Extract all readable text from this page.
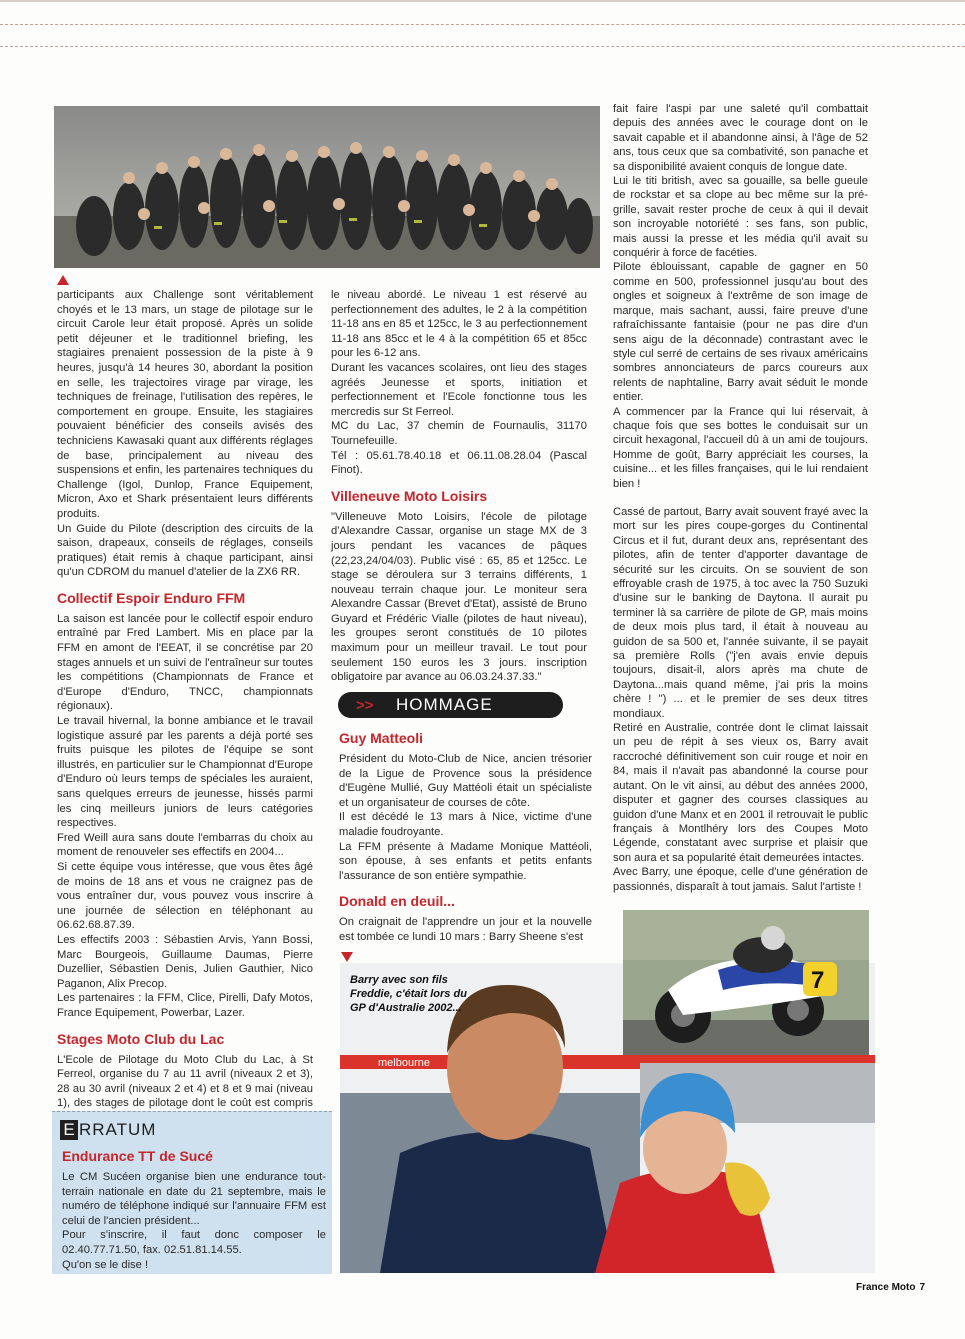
participants aux Challenge sont véritablement choyés et le 13 mars, un stage de pilotage sur le circuit Carole leur était proposé. Après un solide petit déjeuner et le traditionnel briefing, les stagiaires prenaient possession de la piste à 9 heures, jusqu'à 14 heures 30, abordant la position en selle, les trajectoires virage par virage, les techniques de freinage, l'utilisation des repères, le comportement en groupe. Ensuite, les stagiaires pouvaient bénéficier des conseils avisés des techniciens Kawasaki quant aux différents réglages de base, principalement au niveau des suspensions et enfin, les partenaires techniques du Challenge (Igol, Dunlop, France Equipement, Micron, Axo et Shark présentaient leurs différents produits.

Un Guide du Pilote (description des circuits de la saison, drapeaux, conseils de réglages, conseils pratiques) était remis à chaque participant, ainsi qu'un CDROM du manuel d'atelier de la ZX6 RR.

Collectif Espoir Enduro FFM

La saison est lancée pour le collectif espoir enduro entraîné par Fred Lambert. Mis en place par la FFM en amont de l'EEAT, il se concrétise par 20 stages annuels et un suivi de l'entraîneur sur toutes les compétitions (Championnats de France et d'Europe d'Enduro, TNCC, championnats régionaux).

Le travail hivernal, la bonne ambiance et le travail logistique assuré par les parents a déjà porté ses fruits puisque les pilotes de l'équipe se sont illustrés, en particulier sur le Championnat d'Europe d'Enduro où leurs temps de spéciales les auraient, sans quelques erreurs de jeunesse, hissés parmi les cinq meilleurs juniors de leurs catégories respectives.

Fred Weill aura sans doute l'embarras du choix au moment de renouveler ses effectifs en 2004...

Si cette équipe vous intéresse, que vous êtes âgé de moins de 18 ans et vous ne craignez pas de vous entraîner dur, vous pouvez vous inscrire à une journée de sélection en téléphonant au 06.62.68.87.39.

Les effectifs 2003 : Sébastien Arvis, Yann Bossi, Marc Bourgeois, Guillaume Daumas, Pierre Duzellier, Sébastien Denis, Julien Gauthier, Nico Paganon, Alix Precop.

Les partenaires : la FFM, Clice, Pirelli, Dafy Motos, France Equipement, Powerbar, Lazer.

Stages Moto Club du Lac

L'Ecole de Pilotage du Moto Club du Lac, à St Ferreol, organise du 7 au 11 avril (niveaux 2 et 3), 28 au 30 avril (niveaux 2 et 4) et 8 et 9 mai (niveau 1), des stages de pilotage dont le coût est compris

E RRATUM
Endurance TT de Sucé

Le CM Sucéen organise bien une endurance tout-terrain nationale en date du 21 septembre, mais le numéro de téléphone indiqué sur l'annuaire FFM est celui de l'ancien président...

Pour s'inscrire, il faut donc composer le 02.40.77.71.50, fax. 02.51.81.14.55.

Qu'on se le dise !

le niveau abordé. Le niveau 1 est réservé au perfectionnement des adultes, le 2 à la compétition 11-18 ans en 85 et 125cc, le 3 au perfectionnement 11-18 ans 85cc et le 4 à la compétition 65 et 85cc pour les 6-12 ans.

Durant les vacances scolaires, ont lieu des stages agréés Jeunesse et sports, initiation et perfectionnement et l'Ecole fonctionne tous les mercredis sur St Ferreol.

MC du Lac, 37 chemin de Fournaulis, 31170 Tournefeuille.

Tél : 05.61.78.40.18 et 06.11.08.28.04 (Pascal Finot).

Villeneuve Moto Loisirs

"Villeneuve Moto Loisirs, l'école de pilotage d'Alexandre Cassar, organise un stage MX de 3 jours pendant les vacances de pâques (22,23,24/04/03). Public visé : 65, 85 et 125cc. Le stage se déroulera sur 3 terrains différents, 1 nouveau terrain chaque jour. Le moniteur sera Alexandre Cassar (Brevet d'Etat), assisté de Bruno Guyard et Frédéric Vialle (pilotes de haut niveau), les groupes seront constitués de 10 pilotes maximum pour un meilleur travail. Le tout pour seulement 150 euros les 3 jours. inscription obligatoire par avance au 06.03.24.37.33."

>>	HOMMAGE
Guy Matteoli

Président du Moto-Club de Nice, ancien trésorier de la Ligue de Provence sous la présidence d'Eugène Mullié, Guy Mattéoli était un spécialiste et un organisateur de courses de côte.

Il est décédé le 13 mars à Nice, victime d'une maladie foudroyante.

La FFM présente à Madame Monique Mattéoli, son épouse, à ses enfants et petits enfants l'assurance de son entière sympathie.

Donald en deuil...

On craignait de l'apprendre un jour et la nouvelle est tombée ce lundi 10 mars : Barry Sheene s'est

melbourne
Barry avec son fils Freddie, c'était lors du GP d'Australie 2002...
7

fait faire l'aspi par une saleté qu'il combattait depuis des années avec le courage dont on le savait capable et il abandonne ainsi, à l'âge de 52 ans, tous ceux que sa combativité, son panache et sa disponibilité avaient conquis de longue date.

Lui le titi british, avec sa gouaille, sa belle gueule de rockstar et sa clope au bec même sur la pré-grille, savait rester proche de ceux à qui il devait son incroyable notoriété : ses fans, son public, mais aussi la presse et les média qu'il avait su conquérir à force de facéties.

Pilote éblouissant, capable de gagner en 50 comme en 500, professionnel jusqu'au bout des ongles et soigneux à l'extrême de son image de marque, mais sachant, aussi, faire preuve d'une rafraîchissante fantaisie (pour ne pas dire d'un sens aigu de la déconnade) contrastant avec le style cul serré de certains de ses rivaux américains sombres annonciateurs de parcs coureurs aux relents de naphtaline, Barry avait séduit le monde entier.

A commencer par la France qui lui réservait, à chaque fois que ses bottes le conduisait sur un circuit hexagonal, l'accueil dû à un ami de toujours. Homme de goût, Barry appréciait les courses, la cuisine... et les filles françaises, qui le lui rendaient bien !

Cassé de partout, Barry avait souvent frayé avec la mort sur les pires coupe-gorges du Continental Circus et il fut, durant deux ans, représentant des pilotes, afin de tenter d'apporter davantage de sécurité sur les circuits. On se souvient de son effroyable crash de 1975, à toc avec la 750 Suzuki d'usine sur le banking de Daytona. Il aurait pu terminer là sa carrière de pilote de GP, mais moins de deux mois plus tard, il était à nouveau au guidon de sa 500 et, l'année suivante, il se payait sa première Rolls ("j'en avais envie depuis toujours, disait-il, alors après ma chute de Daytona...mais quand même, j'ai pris la moins chère ! ") ... et le premier de ses deux titres mondiaux.

Retiré en Australie, contrée dont le climat laissait un peu de répit à ses vieux os, Barry avait raccroché définitivement son cuir rouge et noir en 84, mais il n'avait pas abandonné la course pour autant. On le vit ainsi, au début des années 2000, disputer et gagner des courses classiques au guidon d'une Manx et en 2001 il retrouvait le public français à Montlhéry lors des Coupes Moto Légende, constatant avec surprise et plaisir que son aura et sa popularité était demeurées intactes.

Avec Barry, une époque, celle d'une génération de passionnés, disparaît à tout jamais. Salut l'artiste !

France Moto 7
